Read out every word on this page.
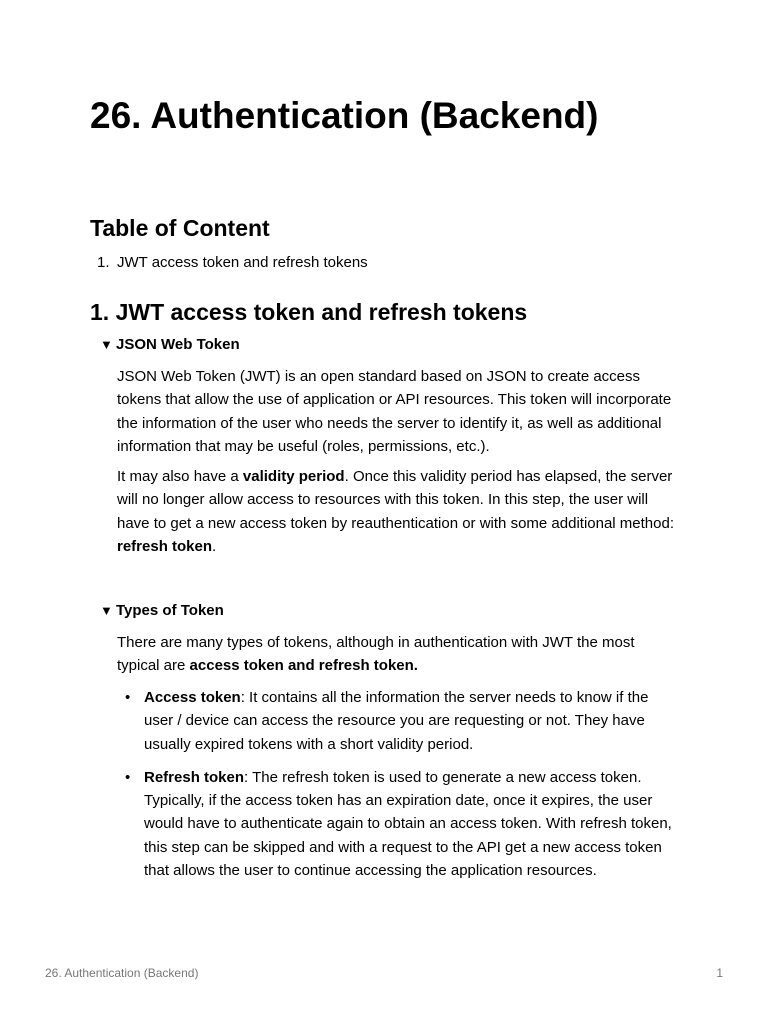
26. Authentication (Backend)
Table of Content
1. JWT access token and refresh tokens
1. JWT access token and refresh tokens
▼ JSON Web Token

JSON Web Token (JWT) is an open standard based on JSON to create access tokens that allow the use of application or API resources. This token will incorporate the information of the user who needs the server to identify it, as well as additional information that may be useful (roles, permissions, etc.).

It may also have a validity period. Once this validity period has elapsed, the server will no longer allow access to resources with this token. In this step, the user will have to get a new access token by reauthentication or with some additional method: refresh token.

▼ Types of Token

There are many types of tokens, although in authentication with JWT the most typical are access token and refresh token.

• Access token: It contains all the information the server needs to know if the user / device can access the resource you are requesting or not. They have usually expired tokens with a short validity period.
• Refresh token: The refresh token is used to generate a new access token. Typically, if the access token has an expiration date, once it expires, the user would have to authenticate again to obtain an access token. With refresh token, this step can be skipped and with a request to the API get a new access token that allows the user to continue accessing the application resources.
26. Authentication (Backend)	1
